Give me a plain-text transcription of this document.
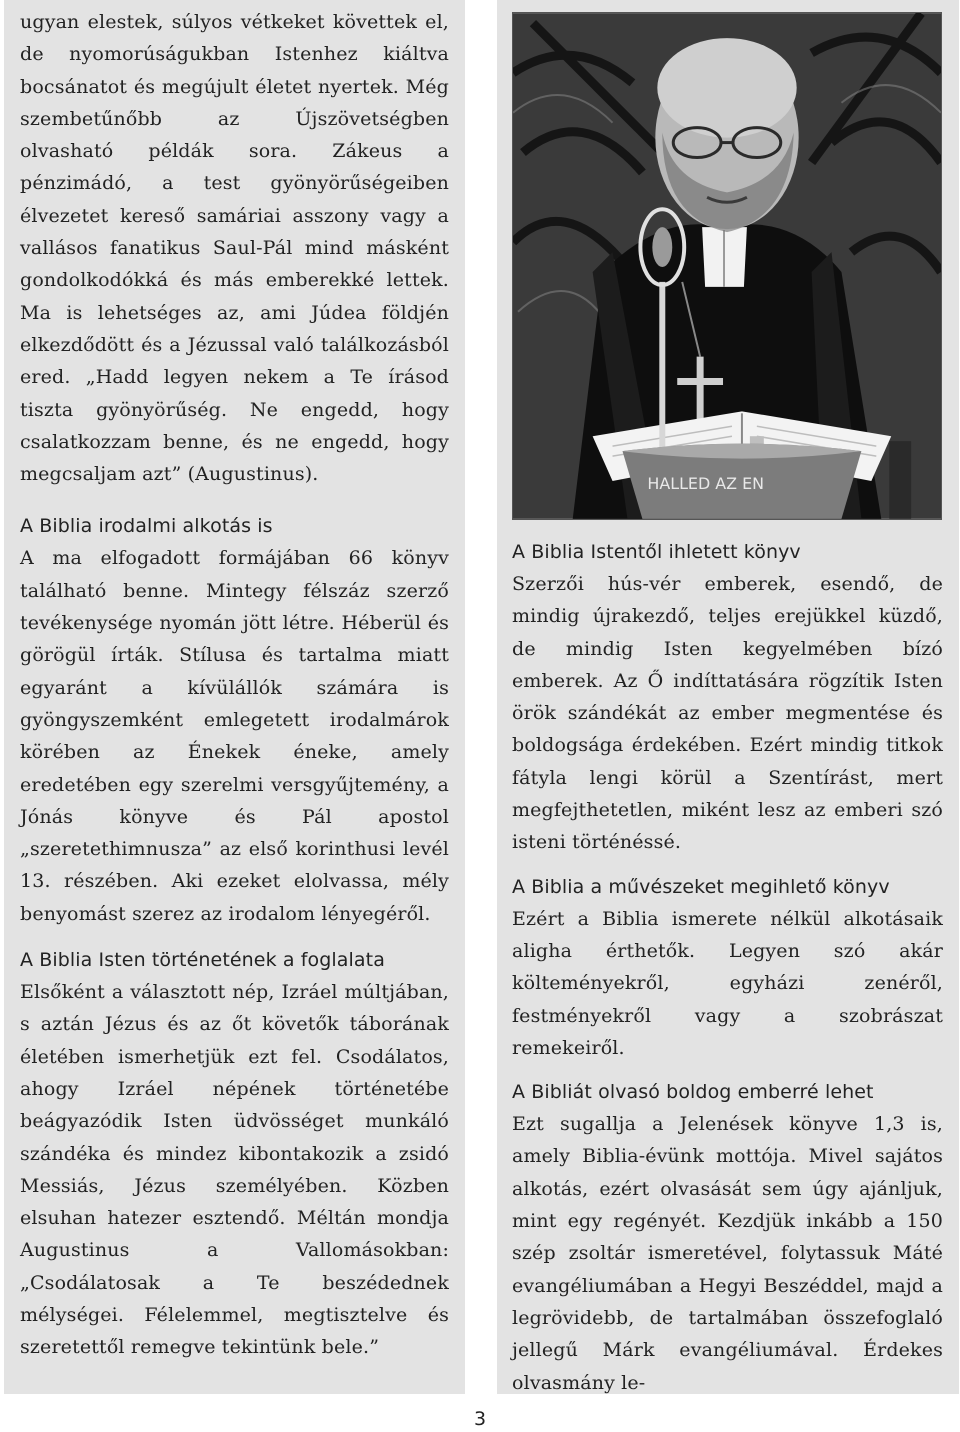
ugyan elestek, súlyos vétkeket követtek el, de nyomorúságukban Istenhez kiáltva bocsánatot és megújult életet nyertek. Még szembetűnőbb az Újszövetségben olvasható példák sora. Zákeus a pénzimádó, a test gyönyörűségeiben élvezetet kereső samáriai asszony vagy a vallásos fanatikus Saul-Pál mind másként gondolkodókká és más emberekké lettek. Ma is lehetséges az, ami Júdea földjén elkezdődött és a Jézussal való találkozásból ered. „Hadd legyen nekem a Te írásod tiszta gyönyörűség. Ne engedd, hogy csalatkozzam benne, és ne engedd, hogy megcsaljam azt” (Augustinus).

A Biblia irodalmi alkotás is

A ma elfogadott formájában 66 könyv található benne. Mintegy félszáz szerző tevékenysége nyomán jött létre. Héberül és görögül írták. Stílusa és tartalma miatt egyaránt a kívülállók számára is gyöngyszemként emlegetett irodalmárok körében az Énekek éneke, amely eredetében egy szerelmi versgyűjtemény, a Jónás könyve és Pál apostol „szeretethimnusza” az első korinthusi levél 13. részében. Aki ezeket elolvassa, mély benyomást szerez az irodalom lényegéről.

A Biblia Isten történetének a foglalata

Elsőként a választott nép, Izráel múltjában, s aztán Jézus és az őt követők táborának életében ismerhetjük ezt fel. Csodálatos, ahogy Izráel népének történetébe beágyazódik Isten üdvösséget munkáló szándéka és mindez kibontakozik a zsidó Messiás, Jézus személyében. Közben elsuhan hatezer esztendő. Méltán mondja Augustinus a Vallomásokban: „Csodálatosak a Te beszédednek mélységei. Félelemmel, megtisztelve és szeretettől remegve tekintünk bele.”

HALLED AZ EN

A Biblia Istentől ihletett könyv

Szerzői hús-vér emberek, esendő, de mindig újrakezdő, teljes erejükkel küzdő, de mindig Isten kegyelmében bízó emberek. Az Ő indíttatására rögzítik Isten örök szándékát az ember megmentése és boldogsága érdekében. Ezért mindig titkok fátyla lengi körül a Szentírást, mert megfejthetetlen, miként lesz az emberi szó isteni történéssé.

A Biblia a művészeket megihlető könyv

Ezért a Biblia ismerete nélkül alkotásaik aligha érthetők. Legyen szó akár költeményekről, egyházi zenéről, festményekről vagy a szobrászat remekeiről.

A Bibliát olvasó boldog emberré lehet

Ezt sugallja a Jelenések könyve 1,3 is, amely Biblia-évünk mottója. Mivel sajátos alkotás, ezért olvasását sem úgy ajánljuk, mint egy regényét. Kezdjük inkább a 150 szép zsoltár ismeretével, folytassuk Máté evangéliumában a Hegyi Beszéddel, majd a legrövidebb, de tartalmában összefoglaló jellegű Márk evangéliumával. Érdekes olvasmány le-

3
